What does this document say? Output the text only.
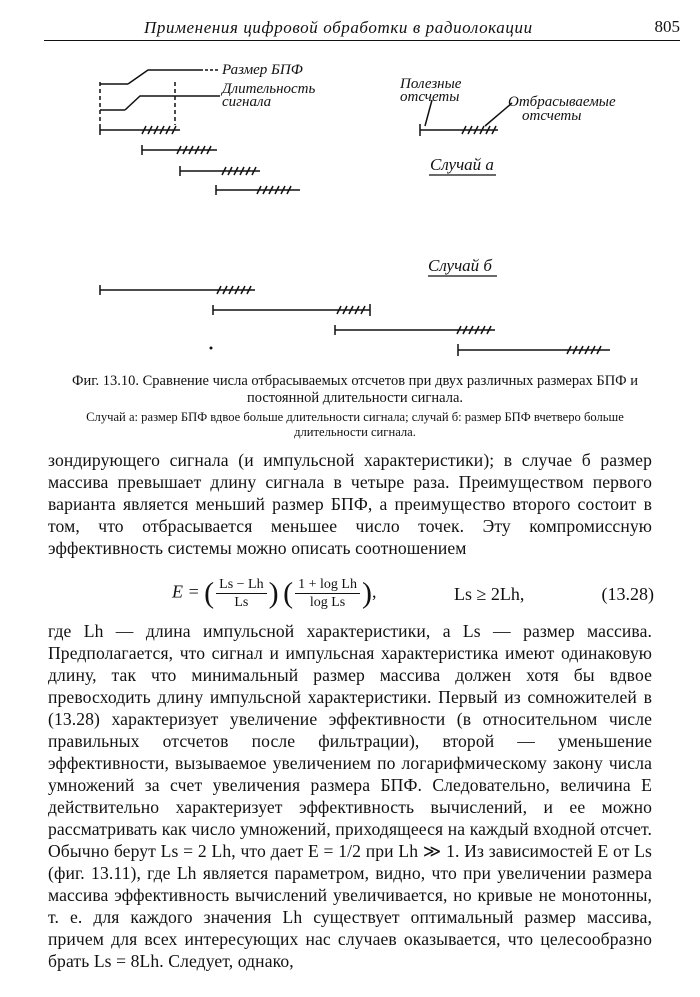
Применения цифровой обработки в радиолокации	805
Размер БПФ
Длительность
сигнала
Полезные
отсчеты	Отбрасываемые
отсчеты
Случай а
Случай б
Фиг. 13.10. Сравнение числа отбрасываемых отсчетов при двух различных размерах БПФ и постоянной длительности сигнала.
Случай а: размер БПФ вдвое больше длительности сигнала; случай б: размер БПФ вчетверо больше длительности сигнала.
зондирующего сигнала (и импульсной характеристики); в случае б размер массива превышает длину сигнала в четыре раза. Преимуществом первого варианта является меньший размер БПФ, а преимущество второго состоит в том, что отбрасывается меньшее число точек. Эту компромиссную эффективность системы можно описать соотношением
E = ( $\frac{Ls - Lh}{Ls}$ ) ( $\frac{\text{1 + log Lh}}{\text{log Ls}}$ ),	Ls ≥ 2Lh,	(13.28)
где Lh — длина импульсной характеристики, а Ls — размер массива. Предполагается, что сигнал и импульсная характеристика имеют одинаковую длину, так что минимальный размер массива должен хотя бы вдвое превосходить длину импульсной характеристики. Первый из сомножителей в (13.28) характеризует увеличение эффективности (в относительном числе правильных отсчетов после фильтрации), второй — уменьшение эффективности, вызываемое увеличением по логарифмическому закону числа умножений за счет увеличения размера БПФ. Следовательно, величина E действительно характеризует эффективность вычислений, и ее можно рассматривать как число умножений, приходящееся на каждый входной отсчет. Обычно берут Ls = 2 Lh, что дает E = 1/2 при Lh ≫ 1. Из зависимостей E от Ls (фиг. 13.11), где Lh является параметром, видно, что при увеличении размера массива эффективность вычислений увеличивается, но кривые не монотонны, т. е. для каждого значения Lh существует оптимальный размер массива, причем для всех интересующих нас случаев оказывается, что целесообразно брать Ls = 8Lh. Следует, однако,
